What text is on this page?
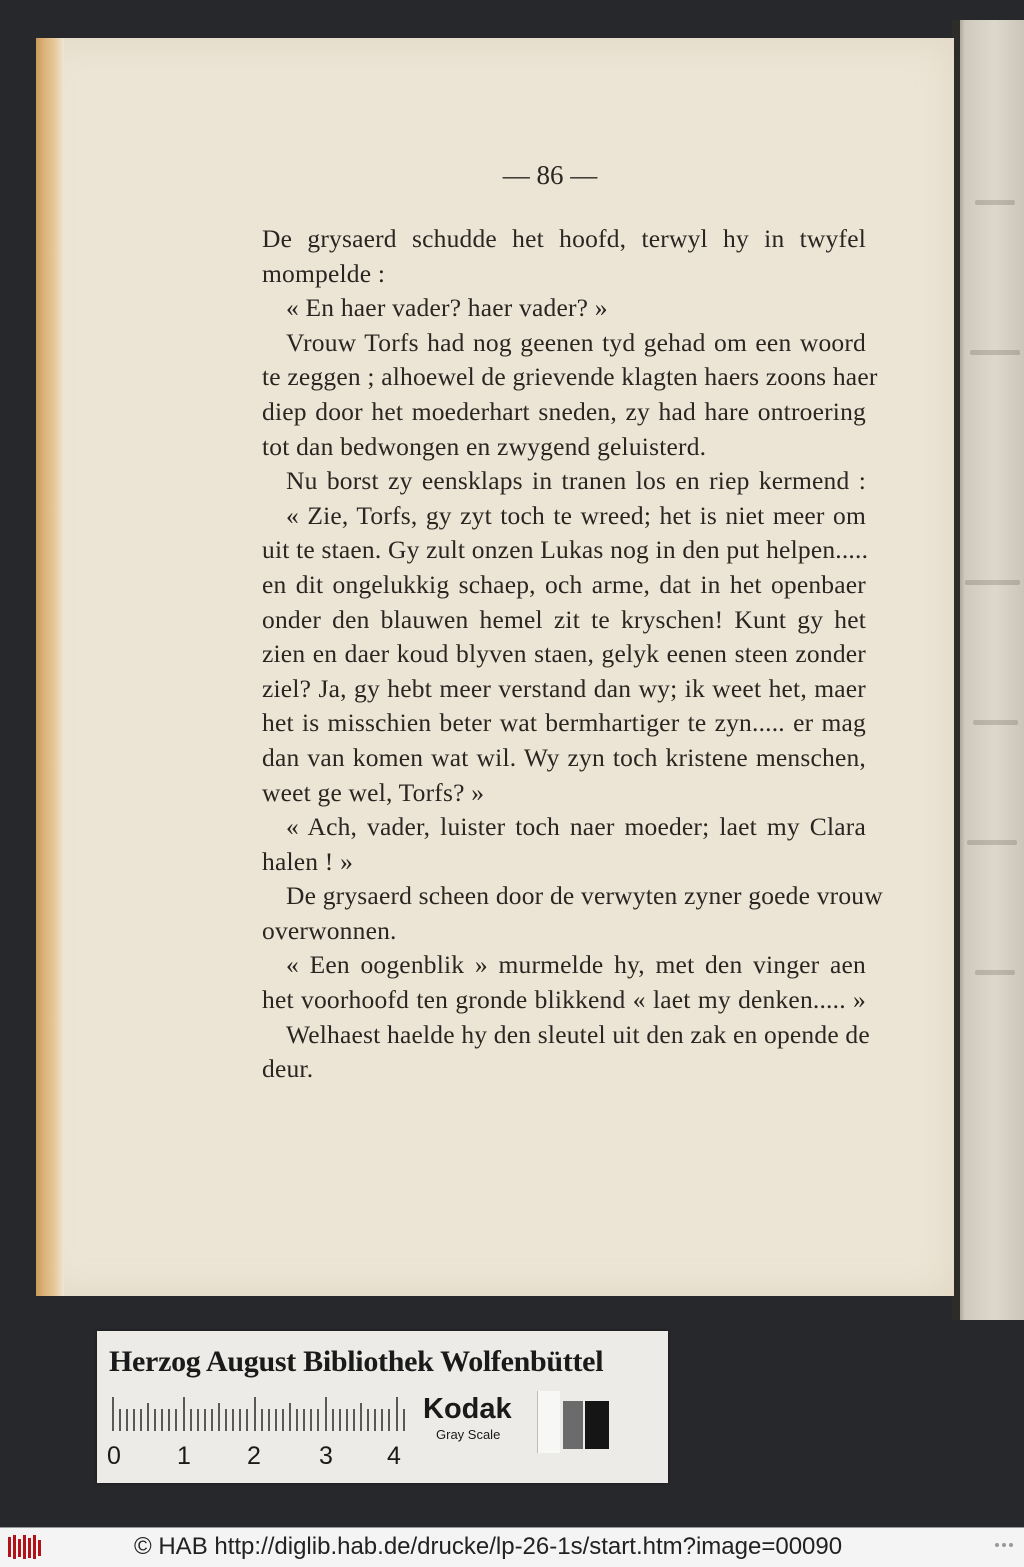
— 86 —
De grysaerd schudde het hoofd, terwyl hy in twyfel
mompelde :
« En haer vader? haer vader? »
Vrouw Torfs had nog geenen tyd gehad om een woord
te zeggen ; alhoewel de grievende klagten haers zoons haer
diep door het moederhart sneden, zy had hare ontroering
tot dan bedwongen en zwygend geluisterd.
Nu borst zy eensklaps in tranen los en riep kermend :
« Zie, Torfs, gy zyt toch te wreed; het is niet meer om
uit te staen. Gy zult onzen Lukas nog in den put helpen.....
en dit ongelukkig schaep, och arme, dat in het openbaer
onder den blauwen hemel zit te kryschen! Kunt gy het
zien en daer koud blyven staen, gelyk eenen steen zonder
ziel? Ja, gy hebt meer verstand dan wy; ik weet het, maer
het is misschien beter wat bermhartiger te zyn..... er mag
dan van komen wat wil. Wy zyn toch kristene menschen,
weet ge wel, Torfs? »
« Ach, vader, luister toch naer moeder; laet my Clara
halen ! »
De grysaerd scheen door de verwyten zyner goede vrouw
overwonnen.
« Een oogenblik » murmelde hy, met den vinger aen
het voorhoofd ten gronde blikkend « laet my denken..... »
Welhaest haelde hy den sleutel uit den zak en opende de
deur.
Herzog August Bibliothek Wolfenbüttel
0 1 2 3 4
Kodak
Gray Scale
© HAB http://diglib.hab.de/drucke/lp-26-1s/start.htm?image=00090
